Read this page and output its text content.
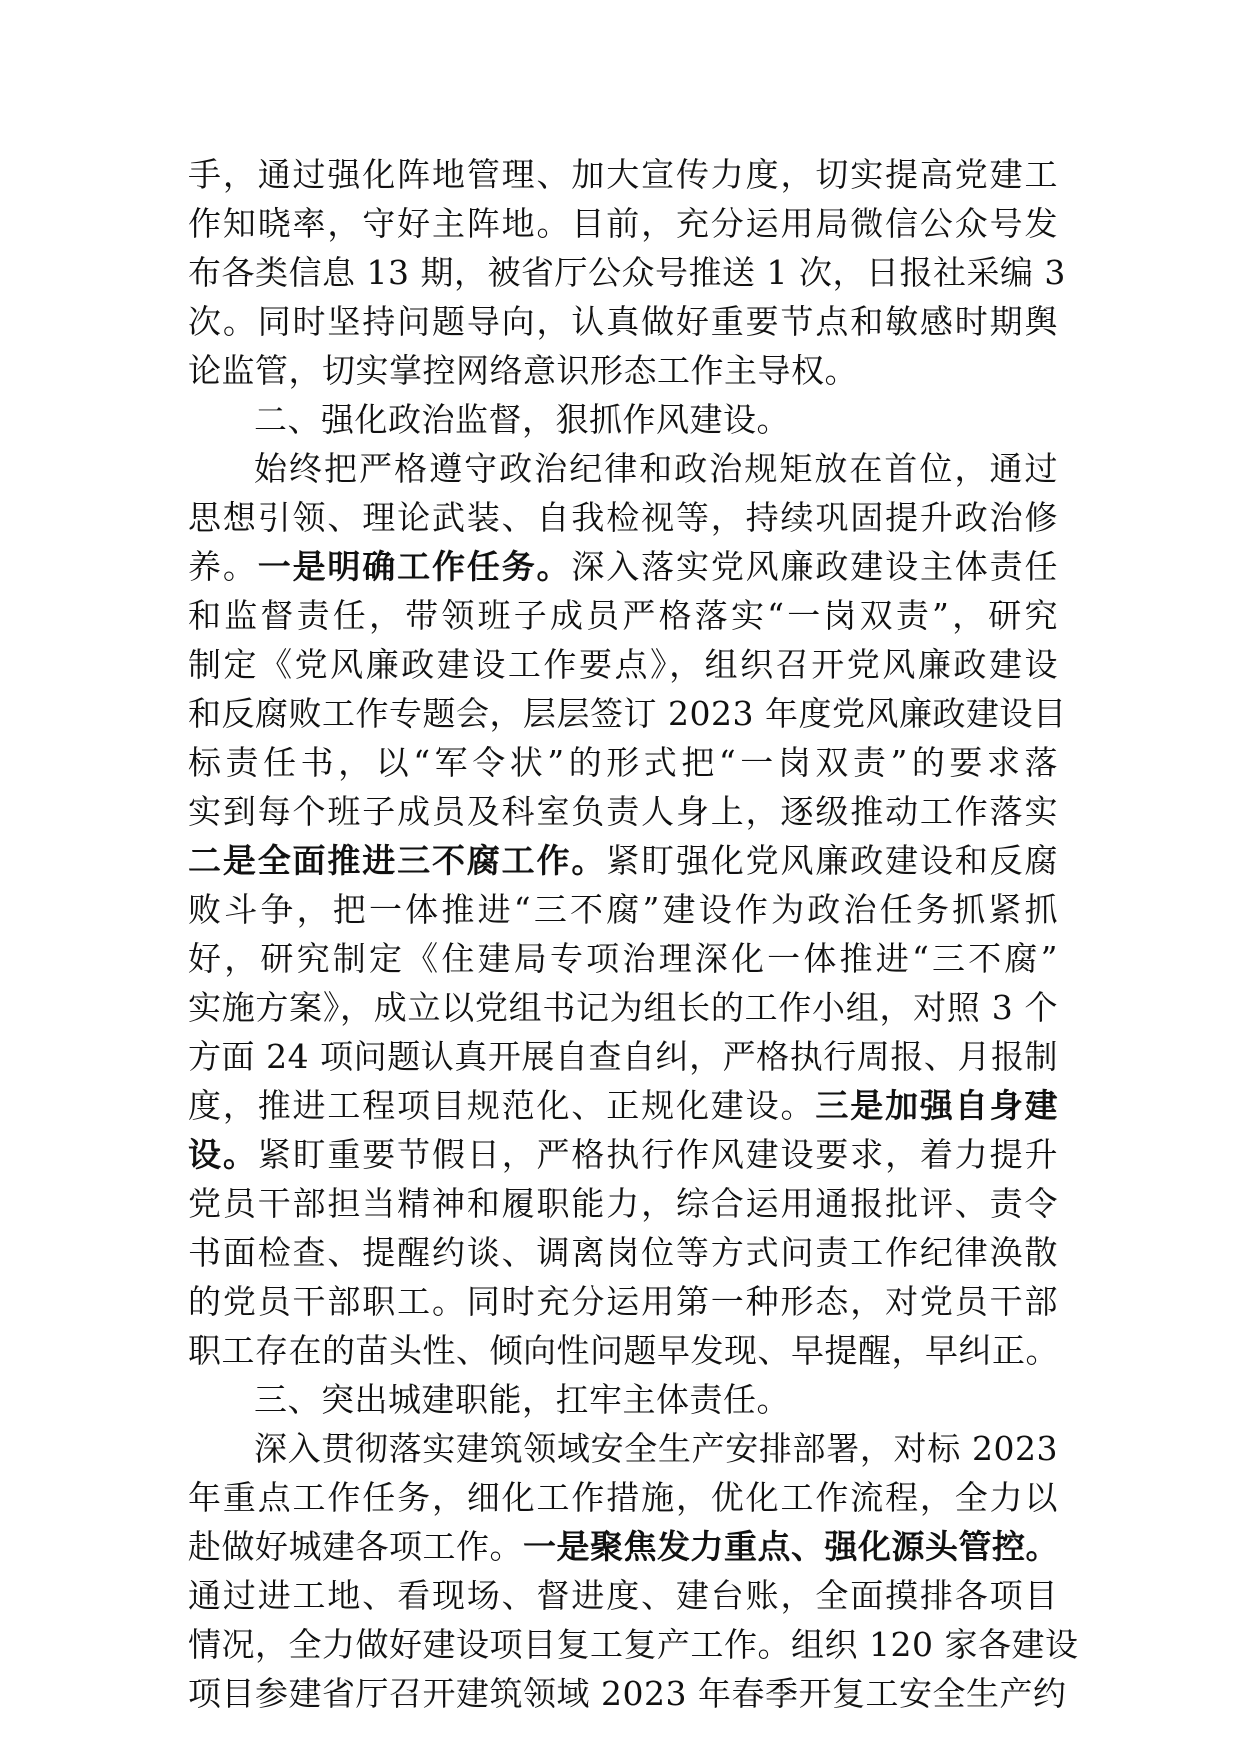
手，通过强化阵地管理、加大宣传力度，切实提高党建工
作知晓率，守好主阵地。目前，充分运用局微信公众号发
布各类信息 13 期，被省厅公众号推送 1 次，日报社采编 3
次。同时坚持问题导向，认真做好重要节点和敏感时期舆
论监管，切实掌控网络意识形态工作主导权。
二、强化政治监督，狠抓作风建设。
始终把严格遵守政治纪律和政治规矩放在首位，通过
思想引领、理论武装、自我检视等，持续巩固提升政治修
养。一是明确工作任务。深入落实党风廉政建设主体责任
和监督责任，带领班子成员严格落实“一岗双责”，研究
制定《党风廉政建设工作要点》，组织召开党风廉政建设
和反腐败工作专题会，层层签订 2023 年度党风廉政建设目
标责任书，以“军令状”的形式把“一岗双责”的要求落
实到每个班子成员及科室负责人身上，逐级推动工作落实
二是全面推进三不腐工作。紧盯强化党风廉政建设和反腐
败斗争，把一体推进“三不腐”建设作为政治任务抓紧抓
好，研究制定《住建局专项治理深化一体推进“三不腐”
实施方案》，成立以党组书记为组长的工作小组，对照 3 个
方面 24 项问题认真开展自查自纠，严格执行周报、月报制
度，推进工程项目规范化、正规化建设。三是加强自身建
设。紧盯重要节假日，严格执行作风建设要求，着力提升
党员干部担当精神和履职能力，综合运用通报批评、责令
书面检查、提醒约谈、调离岗位等方式问责工作纪律涣散
的党员干部职工。同时充分运用第一种形态，对党员干部
职工存在的苗头性、倾向性问题早发现、早提醒，早纠正。
三、突出城建职能，扛牢主体责任。
深入贯彻落实建筑领域安全生产安排部署，对标 2023
年重点工作任务，细化工作措施，优化工作流程，全力以
赴做好城建各项工作。一是聚焦发力重点、强化源头管控。
通过进工地、看现场、督进度、建台账，全面摸排各项目
情况，全力做好建设项目复工复产工作。组织 120 家各建设
项目参建省厅召开建筑领域 2023 年春季开复工安全生产约
